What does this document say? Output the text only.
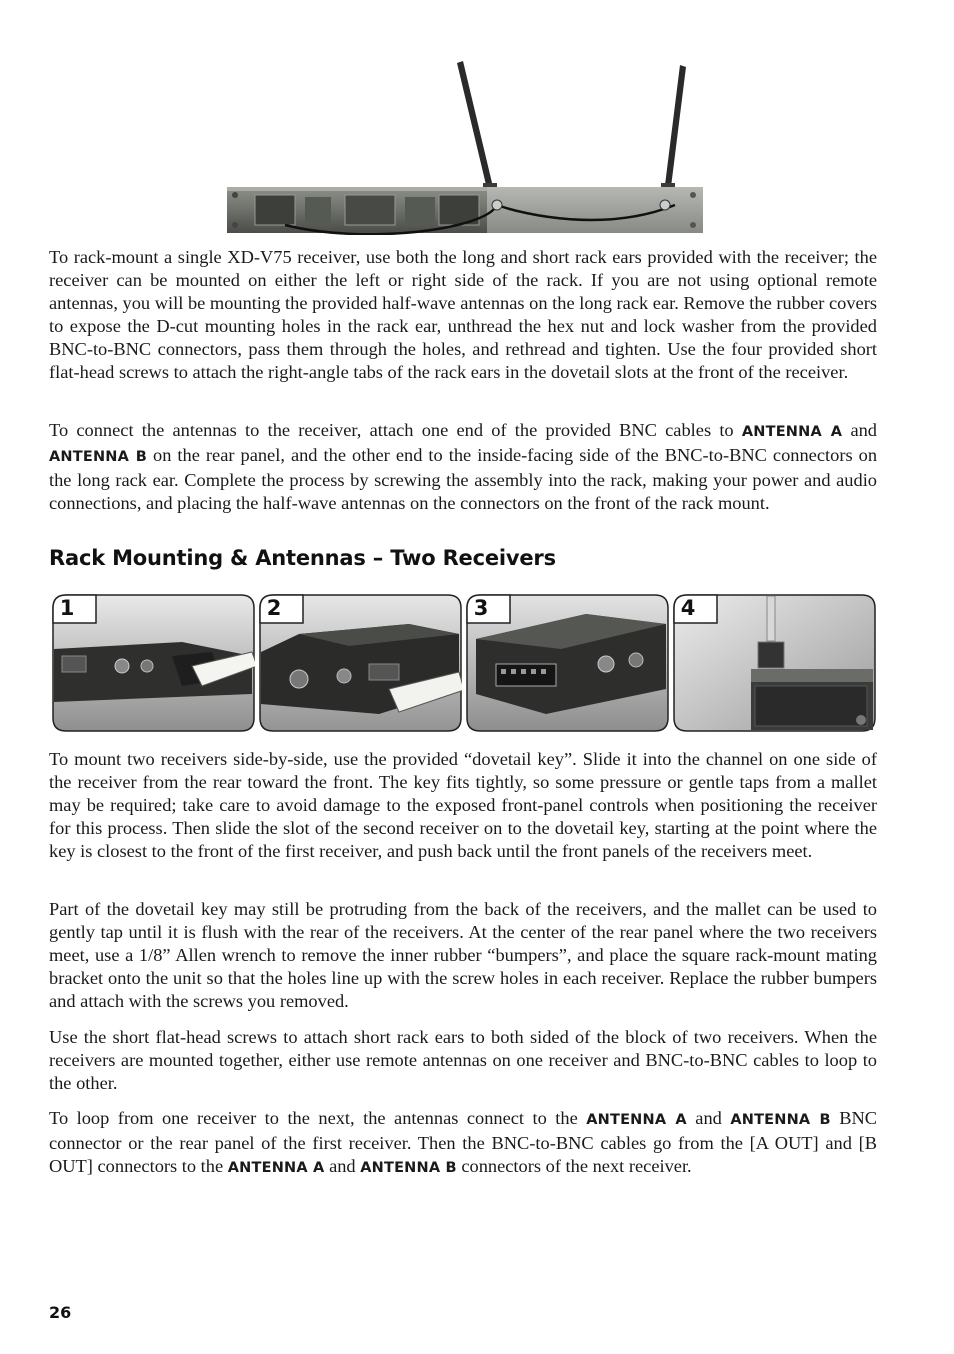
To rack-mount a single XD-V75 receiver, use both the long and short rack ears provided with the receiver; the receiver can be mounted on either the left or right side of the rack. If you are not using optional remote antennas, you will be mounting the provided half-wave antennas on the long rack ear. Remove the rubber covers to expose the D-cut mounting holes in the rack ear, unthread the hex nut and lock washer from the provided BNC-to-BNC connectors, pass them through the holes, and rethread and tighten. Use the four provided short flat-head screws to attach the right-angle tabs of the rack ears in the dovetail slots at the front of the receiver.

To connect the antennas to the receiver, attach one end of the provided BNC cables to ANTENNA A and ANTENNA B on the rear panel, and the other end to the inside-facing side of the BNC-to-BNC connectors on the long rack ear. Complete the process by screwing the assembly into the rack, making your power and audio connections, and placing the half-wave antennas on the connectors on the front of the rack mount.

Rack Mounting & Antennas – Two Receivers
1	2	3	4

To mount two receivers side-by-side, use the provided “dovetail key”. Slide it into the channel on one side of the receiver from the rear toward the front. The key fits tightly, so some pressure or gentle taps from a mallet may be required; take care to avoid damage to the exposed front-panel controls when positioning the receiver for this process. Then slide the slot of the second receiver on to the dovetail key, starting at the point where the key is closest to the front of the first receiver, and push back until the front panels of the receivers meet.

Part of the dovetail key may still be protruding from the back of the receivers, and the mallet can be used to gently tap until it is flush with the rear of the receivers. At the center of the rear panel where the two receivers meet, use a 1/8” Allen wrench to remove the inner rubber “bumpers”, and place the square rack-mount mating bracket onto the unit so that the holes line up with the screw holes in each receiver. Replace the rubber bumpers and attach with the screws you removed.

Use the short flat-head screws to attach short rack ears to both sided of the block of two receivers. When the receivers are mounted together, either use remote antennas on one receiver and BNC-to-BNC cables to loop to the other.

To loop from one receiver to the next, the antennas connect to the ANTENNA A and ANTENNA B BNC connector or the rear panel of the first receiver. Then the BNC-to-BNC cables go from the [A OUT] and [B OUT] connectors to the ANTENNA A and ANTENNA B connectors of the next receiver.

26
